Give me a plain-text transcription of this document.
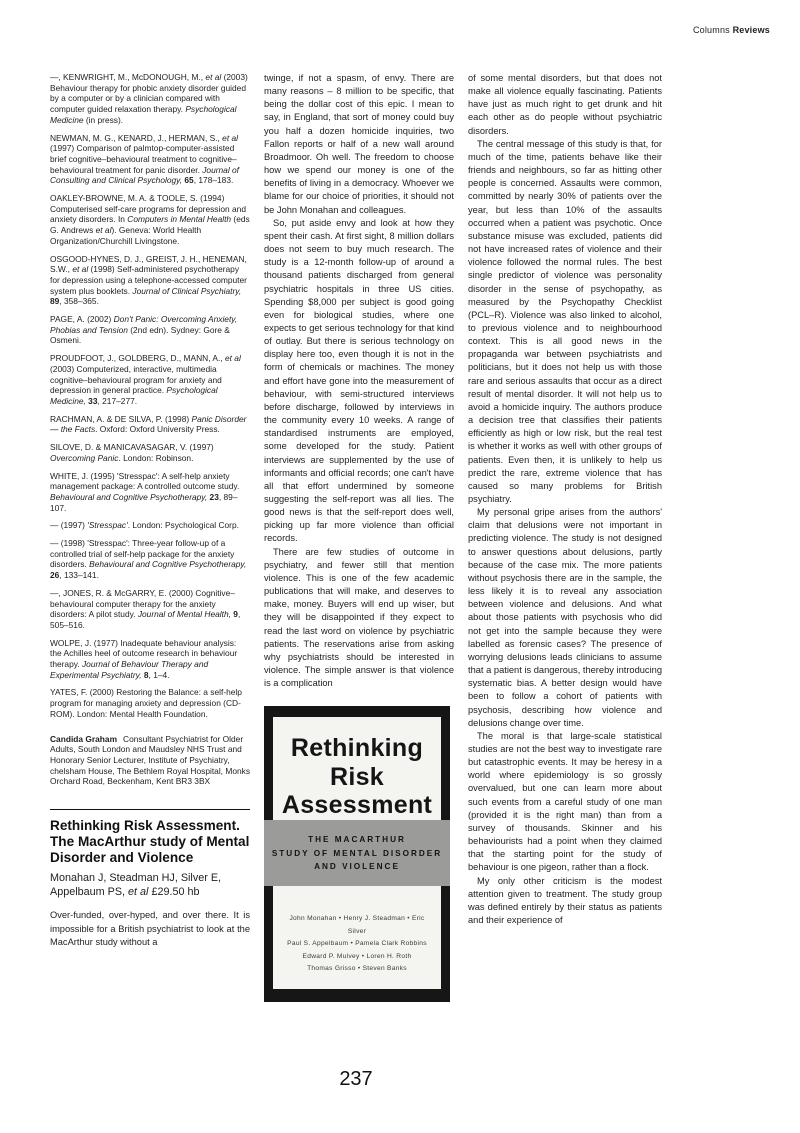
Columns Reviews
—, KENWRIGHT, M., McDONOUGH, M., et al (2003) Behaviour therapy for phobic anxiety disorder guided by a computer or by a clinician compared with computer guided relaxation therapy. Psychological Medicine (in press).
NEWMAN, M. G., KENARD, J., HERMAN, S., et al (1997) Comparison of palmtop-computer-assisted brief cognitive–behavioural treatment to cognitive–behavioural treatment for panic disorder. Journal of Consulting and Clinical Psychology, 65, 178–183.
OAKLEY-BROWNE, M. A. & TOOLE, S. (1994) Computerised self-care programs for depression and anxiety disorders. In Computers in Mental Health (eds G. Andrews et al). Geneva: World Health Organization/Churchill Livingstone.
OSGOOD-HYNES, D. J., GREIST, J. H., HENEMAN, S.W., et al (1998) Self-administered psychotherapy for depression using a telephone-accessed computer system plus booklets. Journal of Clinical Psychiatry, 89, 358–365.
PAGE, A. (2002) Don't Panic: Overcoming Anxiety, Phobias and Tension (2nd edn). Sydney: Gore & Osmeni.
PROUDFOOT, J., GOLDBERG, D., MANN, A., et al (2003) Computerized, interactive, multimedia cognitive–behavioural program for anxiety and depression in general practice. Psychological Medicine, 33, 217–277.
RACHMAN, A. & DE SILVA, P. (1998) Panic Disorder — the Facts. Oxford: Oxford University Press.
SILOVE, D. & MANICAVASAGAR, V. (1997) Overcoming Panic. London: Robinson.
WHITE, J. (1995) 'Stresspac': A self-help anxiety management package: A controlled outcome study. Behavioural and Cognitive Psychotherapy, 23, 89–107.
— (1997) 'Stresspac'. London: Psychological Corp.
— (1998) 'Stresspac': Three-year follow-up of a controlled trial of self-help package for the anxiety disorders. Behavioural and Cognitive Psychotherapy, 26, 133–141.
—, JONES, R. & McGARRY, E. (2000) Cognitive–behavioural computer therapy for the anxiety disorders: A pilot study. Journal of Mental Health, 9, 505–516.
WOLPE, J. (1977) Inadequate behaviour analysis: the Achilles heel of outcome research in behaviour therapy. Journal of Behaviour Therapy and Experimental Psychiatry, 8, 1–4.
YATES, F. (2000) Restoring the Balance: a self-help program for managing anxiety and depression (CD-ROM). London: Mental Health Foundation.
Candida Graham Consultant Psychiatrist for Older Adults, South London and Maudsley NHS Trust and Honorary Senior Lecturer, Institute of Psychiatry, chelsham House, The Bethlem Royal Hospital, Monks Orchard Road, Beckenham, Kent BR3 3BX
Rethinking Risk Assessment. The MacArthur study of Mental Disorder and Violence
Monahan J, Steadman HJ, Silver E, Appelbaum PS, et al £29.50 hb
Over-funded, over-hyped, and over there. It is impossible for a British psychiatrist to look at the MacArthur study without a

twinge, if not a spasm, of envy. There are many reasons – 8 million to be specific, that being the dollar cost of this epic. I mean to say, in England, that sort of money could buy you half a dozen homicide inquiries, two Fallon reports or half of a new wall around Broadmoor. Oh well. The freedom to choose how we spend our money is one of the benefits of living in a democracy. Whoever we blame for our choice of priorities, it should not be John Monahan and colleagues.

So, put aside envy and look at how they spent their cash. At first sight, 8 million dollars does not seem to buy much research. The study is a 12-month follow-up of around a thousand patients discharged from general psychiatric hospitals in three US cities. Spending $8,000 per subject is good going even for biological studies, where one expects to get serious technology for that kind of outlay. But there is serious technology on display here too, even though it is not in the form of chemicals or machines. The money and effort have gone into the measurement of behaviour, with semi-structured interviews before discharge, followed by interviews in the community every 10 weeks. A range of standardised instruments are employed, some developed for the study. Patient interviews are supplemented by the use of informants and official records; one can't have all that effort undermined by someone suggesting the self-report was all lies. The good news is that the self-report does well, picking up far more violence than official records.

There are few studies of outcome in psychiatry, and fewer still that mention violence. This is one of the few academic publications that will make, and deserves to make, money. Buyers will end up wiser, but they will be disappointed if they expect to read the last word on violence by psychiatric patients. The reservations arise from asking why psychiatrists should be interested in violence. The simple answer is that violence is a complication

Rethinking
Risk
Assessment
John Monahan • Henry J. Steadman • Eric Silver
Paul S. Appelbaum • Pamela Clark Robbins
Edward P. Mulvey • Loren H. Roth
Thomas Grisso • Steven Banks
THE MACARTHUR
STUDY OF MENTAL DISORDER
AND VIOLENCE

of some mental disorders, but that does not make all violence equally fascinating. Patients have just as much right to get drunk and hit each other as do people without psychiatric disorders.

The central message of this study is that, for much of the time, patients behave like their friends and neighbours, so far as hitting other people is concerned. Assaults were common, committed by nearly 30% of patients over the year, but less than 10% of the assaults occurred when a patient was psychotic. Once substance misuse was excluded, patients did not have increased rates of violence and their violence followed the normal rules. The best single predictor of violence was personality disorder in the sense of psychopathy, as measured by the Psychopathy Checklist (PCL–R). Violence was also linked to alcohol, to previous violence and to neighbourhood context. This is all good news in the propaganda war between psychiatrists and politicians, but it does not help us with those rare and serious assaults that occur as a direct result of mental disorder. It will not help us to avoid a homicide inquiry. The authors produce a decision tree that classifies their patients efficiently as high or low risk, but the real test is whether it works as well with other groups of patients. Even then, it is unlikely to help us predict the rare, extreme violence that has caused so many problems for British psychiatry.

My personal gripe arises from the authors' claim that delusions were not important in predicting violence. The study is not designed to answer questions about delusions, partly because of the case mix. The more patients without psychosis there are in the sample, the less likely it is to reveal any association between violence and delusions. And what about those patients with psychosis who did not get into the sample because they were labelled as forensic cases? The presence of worrying delusions leads clinicians to assume that a patient is dangerous, thereby introducing systematic bias. A better design would have been to follow a cohort of patients with psychosis, describing how violence and delusions change over time.

The moral is that large-scale statistical studies are not the best way to investigate rare but catastrophic events. It may be heresy in a world where epidemiology is so grossly overvalued, but one can learn more about such events from a careful study of one man (provided it is the right man) than from a survey of thousands. Skinner and his behaviourists had a point when they claimed that the starting point for the study of behaviour is one pigeon, rather than a flock.

My only other criticism is the modest attention given to treatment. The study group was defined entirely by their status as patients and their experience of

237
